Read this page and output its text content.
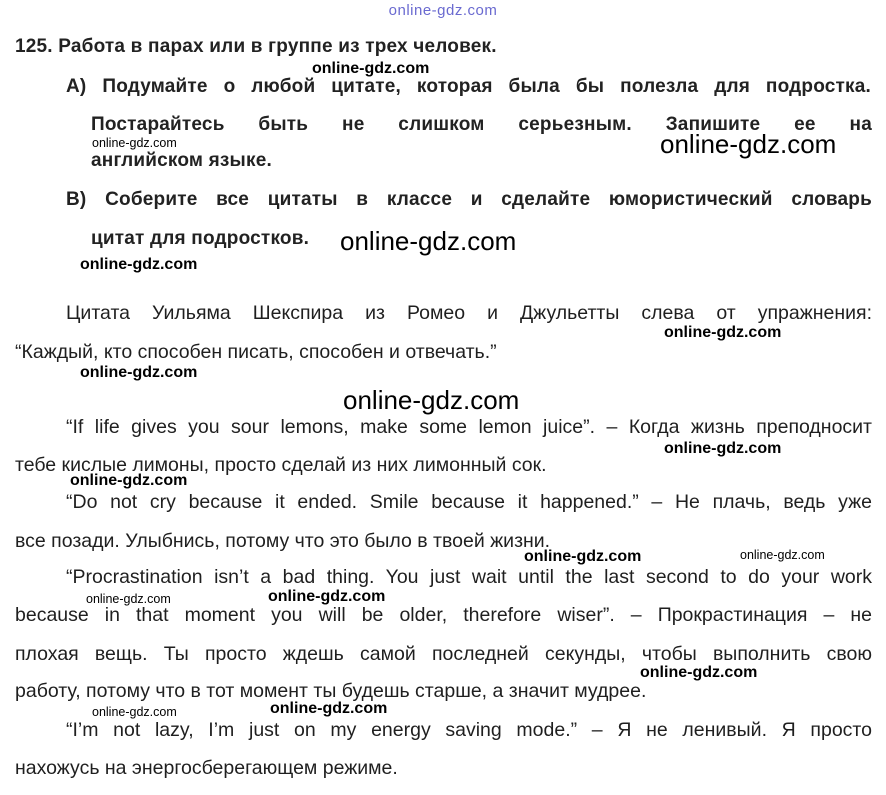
online-gdz.com
125. Работа в парах или в группе из трех человек.
А) Подумайте о любой цитате, которая была бы полезла для подростка.
Постарайтесь быть не слишком серьезным. Запишите ее на
английском языке.
В) Соберите все цитаты в классе и сделайте юмористический словарь
цитат для подростков.
Цитата Уильяма Шекспира из Ромео и Джульетты слева от упражнения:
“Каждый, кто способен писать, способен и отвечать.”
“If life gives you sour lemons, make some lemon juice”. – Когда жизнь преподносит
тебе кислые лимоны, просто сделай из них лимонный сок.
“Do not cry because it ended. Smile because it happened.” – Не плачь, ведь уже
все позади. Улыбнись, потому что это было в твоей жизни.
“Procrastination isn’t a bad thing. You just wait until the last second to do your work
because in that moment you will be older, therefore wiser”. – Прокрастинация – не
плохая вещь. Ты просто ждешь самой последней секунды, чтобы выполнить свою
работу, потому что в тот момент ты будешь старше, а значит мудрее.
“I’m not lazy, I’m just on my energy saving mode.” – Я не ленивый. Я просто
нахожусь на энергосберегающем режиме.
online-gdz.com
online-gdz.com	online-gdz.com
online-gdz.com
online-gdz.com
online-gdz.com
online-gdz.com
online-gdz.com
online-gdz.com
online-gdz.com
online-gdz.com	online-gdz.com
online-gdz.com	online-gdz.com
online-gdz.com
online-gdz.com	online-gdz.com
